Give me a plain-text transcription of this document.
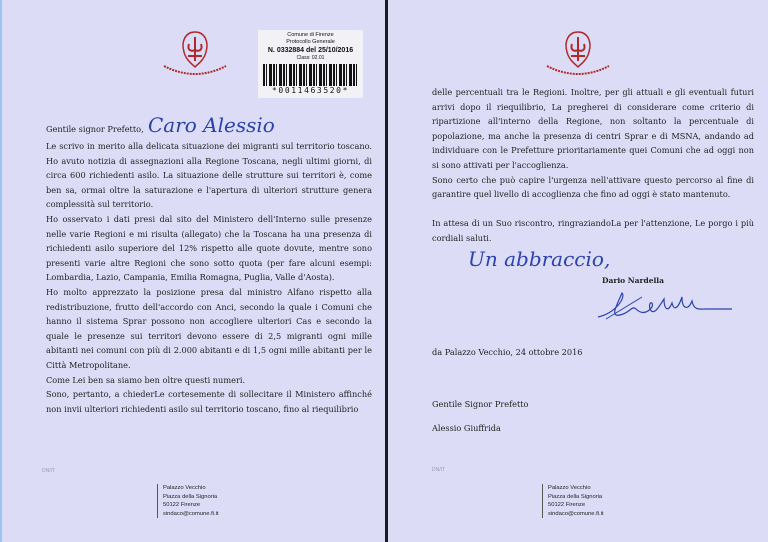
Comune di Firenze
Protocollo Generale
N. 0332884 del 25/10/2016
Class: 02.01
*0011463520*
Gentile signor Prefetto, Caro Alessio

Le scrivo in merito alla delicata situazione dei migranti sul territorio toscano. Ho avuto notizia di assegnazioni alla Regione Toscana, negli ultimi giorni, di circa 600 richiedenti asilo. La situazione delle strutture sui territori è, come ben sa, ormai oltre la saturazione e l'apertura di ulteriori strutture genera complessità sul territorio.

Ho osservato i dati presi dal sito del Ministero dell'Interno sulle presenze nelle varie Regioni e mi risulta (allegato) che la Toscana ha una presenza di richiedenti asilo superiore del 12% rispetto alle quote dovute, mentre sono presenti varie altre Regioni che sono sotto quota (per fare alcuni esempi: Lombardia, Lazio, Campania, Emilia Romagna, Puglia, Valle d'Aosta).

Ho molto apprezzato la posizione presa dal ministro Alfano rispetto alla redistribuzione, frutto dell'accordo con Anci, secondo la quale i Comuni che hanno il sistema Sprar possono non accogliere ulteriori Cas e secondo la quale le presenze sui territori devono essere di 2,5 migranti ogni mille abitanti nei comuni con più di 2.000 abitanti e di 1,5 ogni mille abitanti per le Città Metropolitane.

Come Lei ben sa siamo ben oltre questi numeri.

Sono, pertanto, a chiederLe cortesemente di sollecitare il Ministero affinché non invii ulteriori richiedenti asilo sul territorio toscano, fino al riequilibrio

DN/IT
Palazzo Vecchio
Piazza della Signoria
50122 Firenze
sindaco@comune.fi.it

delle percentuali tra le Regioni. Inoltre, per gli attuali e gli eventuali futuri arrivi dopo il riequilibrio, La pregherei di considerare come criterio di ripartizione all'interno della Regione, non soltanto la percentuale di popolazione, ma anche la presenza di centri Sprar e di MSNA, andando ad individuare con le Prefetture prioritariamente quei Comuni che ad oggi non si sono attivati per l'accoglienza.

Sono certo che può capire l'urgenza nell'attivare questo percorso al fine di garantire quel livello di accoglienza che fino ad oggi è stato mantenuto.

In attesa di un Suo riscontro, ringraziandoLa per l'attenzione, Le porgo i più cordiali saluti.

Un abbraccio,
Dario Nardella
da Palazzo Vecchio, 24 ottobre 2016
Gentile Signor Prefetto
Alessio Giuffrida
DN/IT
Palazzo Vecchio
Piazza della Signoria
50122 Firenze
sindaco@comune.fi.it
